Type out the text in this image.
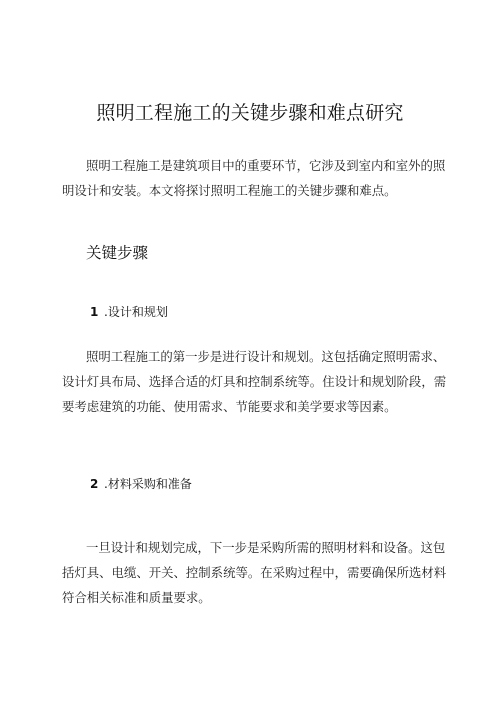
照明工程施工的关键步骤和难点研究
照明工程施工是建筑项目中的重要环节，它涉及到室内和室外的照
明设计和安装。本文将探讨照明工程施工的关键步骤和难点。
关键步骤
1 .设计和规划
照明工程施工的第一步是进行设计和规划。这包括确定照明需求、
设计灯具布局、选择合适的灯具和控制系统等。住设计和规划阶段，需
要考虑建筑的功能、使用需求、节能要求和美学要求等因素。
2 .材料采购和准备
一旦设计和规划完成，下一步是采购所需的照明材料和设备。这包
括灯具、电缆、开关、控制系统等。在采购过程中，需要确保所选材料
符合相关标准和质量要求。
